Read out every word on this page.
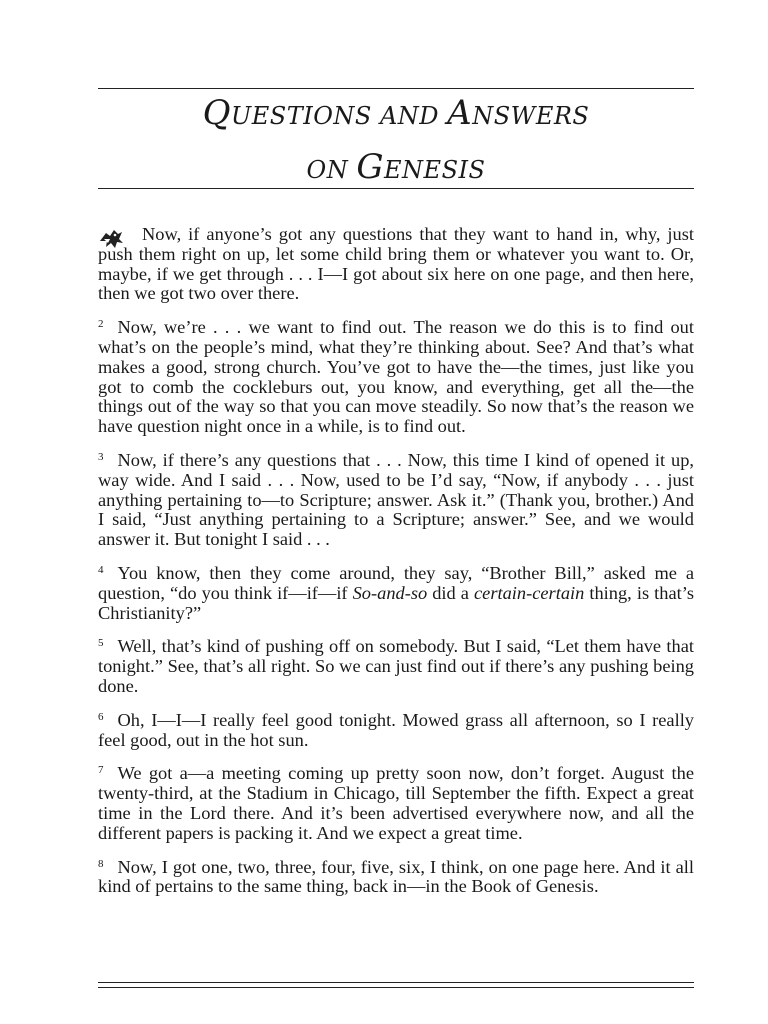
QUESTIONS AND ANSWERS
ON GENESIS

Now, if anyone’s got any questions that they want to hand in, why, just push them right on up, let some child bring them or whatever you want to. Or, maybe, if we get through . . . I—I got about six here on one page, and then here, then we got two over there.

$^2$ Now, we’re . . . we want to find out. The reason we do this is to find out what’s on the people’s mind, what they’re thinking about. See? And that’s what makes a good, strong church. You’ve got to have the—the times, just like you got to comb the cockleburs out, you know, and everything, get all the—the things out of the way so that you can move steadily. So now that’s the reason we have question night once in a while, is to find out.

$^3$ Now, if there’s any questions that . . . Now, this time I kind of opened it up, way wide. And I said . . . Now, used to be I’d say, “Now, if anybody . . . just anything pertaining to—to Scripture; answer. Ask it.” (Thank you, brother.) And I said, “Just anything pertaining to a Scripture; answer.” See, and we would answer it. But tonight I said . . .

$^4$ You know, then they come around, they say, “Brother Bill,” asked me a question, “do you think if—if—if So-and-so did a certain-certain thing, is that’s Christianity?”

$^5$ Well, that’s kind of pushing off on somebody. But I said, “Let them have that tonight.” See, that’s all right. So we can just find out if there’s any pushing being done.

$^6$ Oh, I—I—I really feel good tonight. Mowed grass all afternoon, so I really feel good, out in the hot sun.

$^7$ We got a—a meeting coming up pretty soon now, don’t forget. August the twenty-third, at the Stadium in Chicago, till September the fifth. Expect a great time in the Lord there. And it’s been advertised everywhere now, and all the different papers is packing it. And we expect a great time.

$^8$ Now, I got one, two, three, four, five, six, I think, on one page here. And it all kind of pertains to the same thing, back in—in the Book of Genesis.
